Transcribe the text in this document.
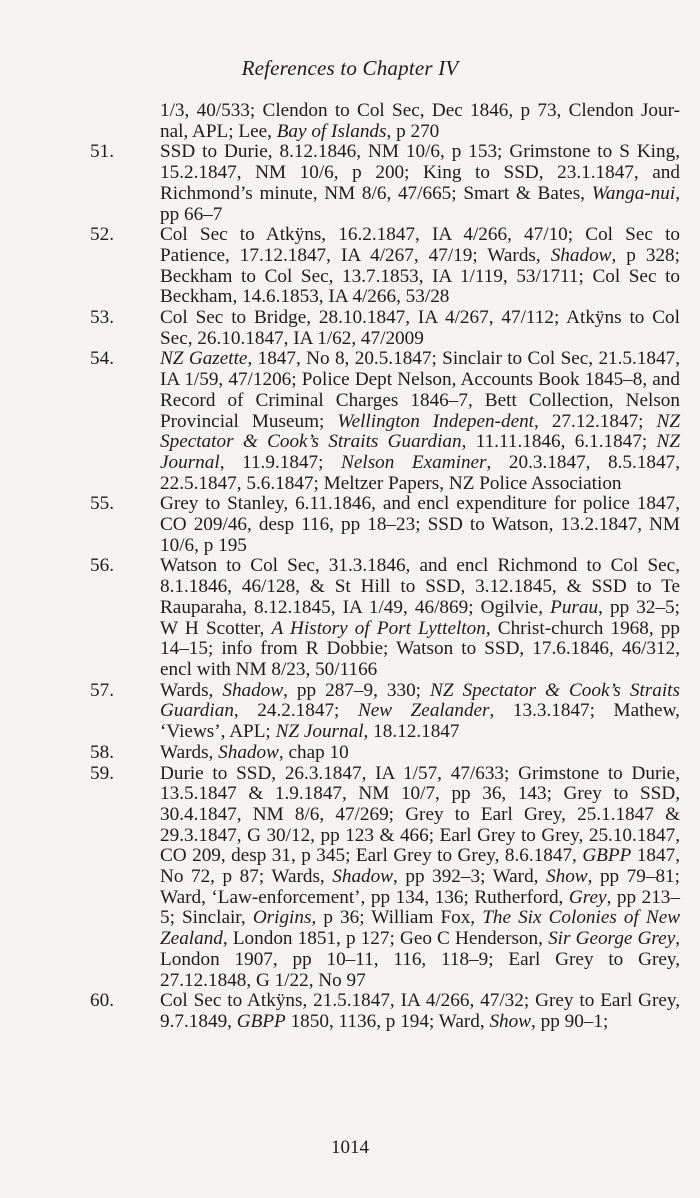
References to Chapter IV
1/3, 40/533; Clendon to Col Sec, Dec 1846, p 73, Clendon Jour-nal, APL; Lee, Bay of Islands, p 270
51.	SSD to Durie, 8.12.1846, NM 10/6, p 153; Grimstone to S King, 15.2.1847, NM 10/6, p 200; King to SSD, 23.1.1847, and Richmond’s minute, NM 8/6, 47/665; Smart & Bates, Wanga-nui, pp 66–7
52.	Col Sec to Atkÿns, 16.2.1847, IA 4/266, 47/10; Col Sec to Patience, 17.12.1847, IA 4/267, 47/19; Wards, Shadow, p 328; Beckham to Col Sec, 13.7.1853, IA 1/119, 53/1711; Col Sec to Beckham, 14.6.1853, IA 4/266, 53/28
53.	Col Sec to Bridge, 28.10.1847, IA 4/267, 47/112; Atkÿns to Col Sec, 26.10.1847, IA 1/62, 47/2009
54.	NZ Gazette, 1847, No 8, 20.5.1847; Sinclair to Col Sec, 21.5.1847, IA 1/59, 47/1206; Police Dept Nelson, Accounts Book 1845–8, and Record of Criminal Charges 1846–7, Bett Collection, Nelson Provincial Museum; Wellington Indepen-dent, 27.12.1847; NZ Spectator & Cook’s Straits Guardian, 11.11.1846, 6.1.1847; NZ Journal, 11.9.1847; Nelson Examiner, 20.3.1847, 8.5.1847, 22.5.1847, 5.6.1847; Meltzer Papers, NZ Police Association
55.	Grey to Stanley, 6.11.1846, and encl expenditure for police 1847, CO 209/46, desp 116, pp 18–23; SSD to Watson, 13.2.1847, NM 10/6, p 195
56.	Watson to Col Sec, 31.3.1846, and encl Richmond to Col Sec, 8.1.1846, 46/128, & St Hill to SSD, 3.12.1845, & SSD to Te Rauparaha, 8.12.1845, IA 1/49, 46/869; Ogilvie, Purau, pp 32–5; W H Scotter, A History of Port Lyttelton, Christ-church 1968, pp 14–15; info from R Dobbie; Watson to SSD, 17.6.1846, 46/312, encl with NM 8/23, 50/1166
57.	Wards, Shadow, pp 287–9, 330; NZ Spectator & Cook’s Straits Guardian, 24.2.1847; New Zealander, 13.3.1847; Mathew, ‘Views’, APL; NZ Journal, 18.12.1847
58.	Wards, Shadow, chap 10
59.	Durie to SSD, 26.3.1847, IA 1/57, 47/633; Grimstone to Durie, 13.5.1847 & 1.9.1847, NM 10/7, pp 36, 143; Grey to SSD, 30.4.1847, NM 8/6, 47/269; Grey to Earl Grey, 25.1.1847 & 29.3.1847, G 30/12, pp 123 & 466; Earl Grey to Grey, 25.10.1847, CO 209, desp 31, p 345; Earl Grey to Grey, 8.6.1847, GBPP 1847, No 72, p 87; Wards, Shadow, pp 392–3; Ward, Show, pp 79–81; Ward, ‘Law-enforcement’, pp 134, 136; Rutherford, Grey, pp 213–5; Sinclair, Origins, p 36; William Fox, The Six Colonies of New Zealand, London 1851, p 127; Geo C Henderson, Sir George Grey, London 1907, pp 10–11, 116, 118–9; Earl Grey to Grey, 27.12.1848, G 1/22, No 97
60.	Col Sec to Atkÿns, 21.5.1847, IA 4/266, 47/32; Grey to Earl Grey, 9.7.1849, GBPP 1850, 1136, p 194; Ward, Show, pp 90–1;
1014
